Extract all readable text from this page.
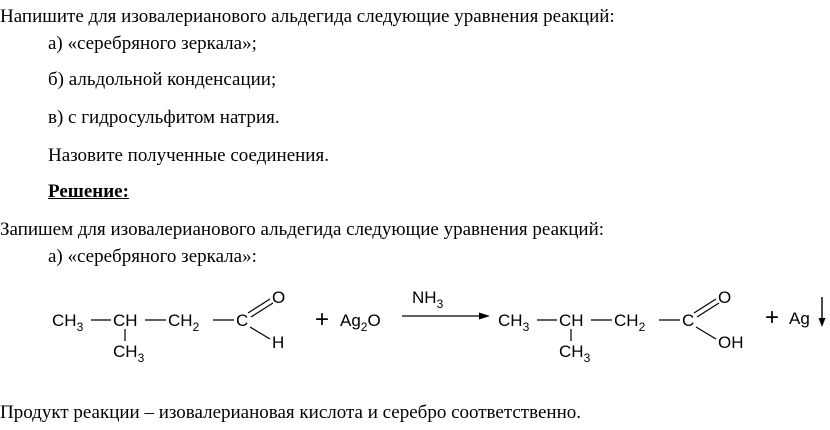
Напишите для изовалерианового альдегида следующие уравнения реакций:
а) «серебряного зеркала»;
б) альдольной конденсации;
в) с гидросульфитом натрия.
Назовите полученные соединения.
Решение:
Запишем для изовалерианового альдегида следующие уравнения реакций:
а) «серебряного зеркала»:
$CH_3$ CH
$CH_3$
$CH_2$ C
O
H
+ $Ag_2O$
$NH_3$
$CH_3$ CH
$CH_3$
$CH_2$ C
O
OH
+ Ag
Продукт реакции – изовалериановая кислота и серебро соответственно.
